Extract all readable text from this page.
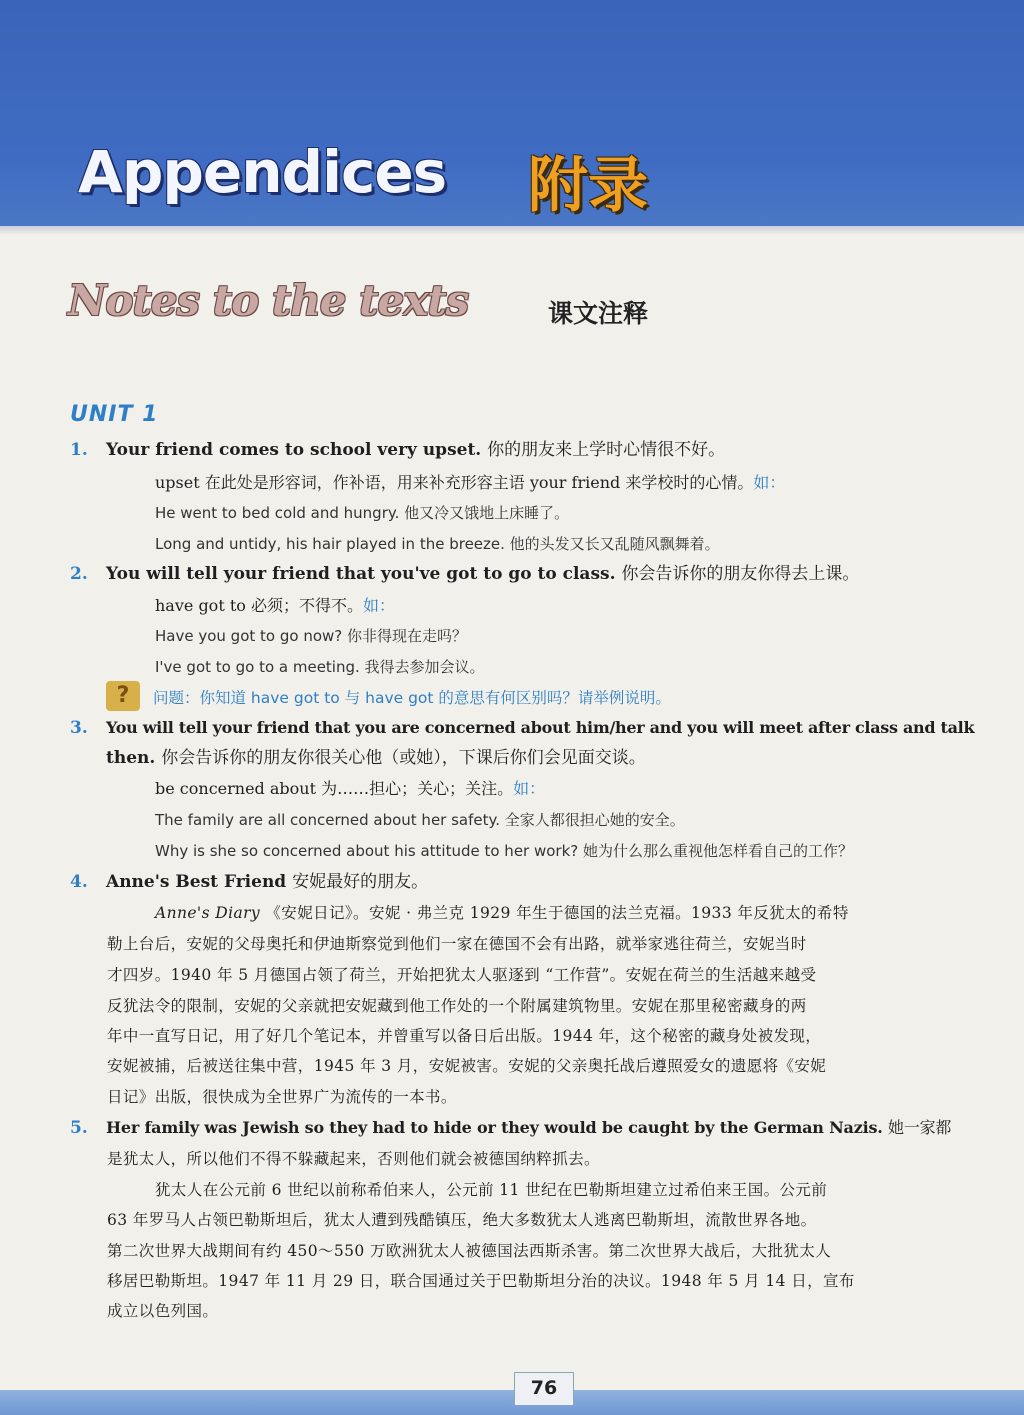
Appendices 附录
Notes to the texts	课文注释
UNIT 1
1. Your friend comes to school very upset. 你的朋友来上学时心情很不好。
upset 在此处是形容词，作补语，用来补充形容主语 your friend 来学校时的心情。如：
He went to bed cold and hungry. 他又冷又饿地上床睡了。
Long and untidy, his hair played in the breeze. 他的头发又长又乱随风飘舞着。
2. You will tell your friend that you've got to go to class. 你会告诉你的朋友你得去上课。
have got to 必须；不得不。如：
Have you got to go now? 你非得现在走吗？
I've got to go to a meeting. 我得去参加会议。
?	问题：你知道 have got to 与 have got 的意思有何区别吗？请举例说明。
3. You will tell your friend that you are concerned about him/her and you will meet after class and talk
then. 你会告诉你的朋友你很关心他（或她），下课后你们会见面交谈。
be concerned about 为……担心；关心；关注。如：
The family are all concerned about her safety. 全家人都很担心她的安全。
Why is she so concerned about his attitude to her work? 她为什么那么重视他怎样看自己的工作？
4. Anne's Best Friend 安妮最好的朋友。
Anne's Diary 《安妮日记》。安妮 · 弗兰克 1929 年生于德国的法兰克福。1933 年反犹太的希特
勒上台后，安妮的父母奥托和伊迪斯察觉到他们一家在德国不会有出路，就举家逃往荷兰，安妮当时
才四岁。1940 年 5 月德国占领了荷兰，开始把犹太人驱逐到 “工作营”。安妮在荷兰的生活越来越受
反犹法令的限制，安妮的父亲就把安妮藏到他工作处的一个附属建筑物里。安妮在那里秘密藏身的两
年中一直写日记，用了好几个笔记本，并曾重写以备日后出版。1944 年，这个秘密的藏身处被发现，
安妮被捕，后被送往集中营，1945 年 3 月，安妮被害。安妮的父亲奥托战后遵照爱女的遗愿将《安妮
日记》出版，很快成为全世界广为流传的一本书。
5. Her family was Jewish so they had to hide or they would be caught by the German Nazis. 她一家都
是犹太人，所以他们不得不躲藏起来，否则他们就会被德国纳粹抓去。
犹太人在公元前 6 世纪以前称希伯来人，公元前 11 世纪在巴勒斯坦建立过希伯来王国。公元前
63 年罗马人占领巴勒斯坦后，犹太人遭到残酷镇压，绝大多数犹太人逃离巴勒斯坦，流散世界各地。
第二次世界大战期间有约 450～550 万欧洲犹太人被德国法西斯杀害。第二次世界大战后，大批犹太人
移居巴勒斯坦。1947 年 11 月 29 日，联合国通过关于巴勒斯坦分治的决议。1948 年 5 月 14 日，宣布
成立以色列国。
76
